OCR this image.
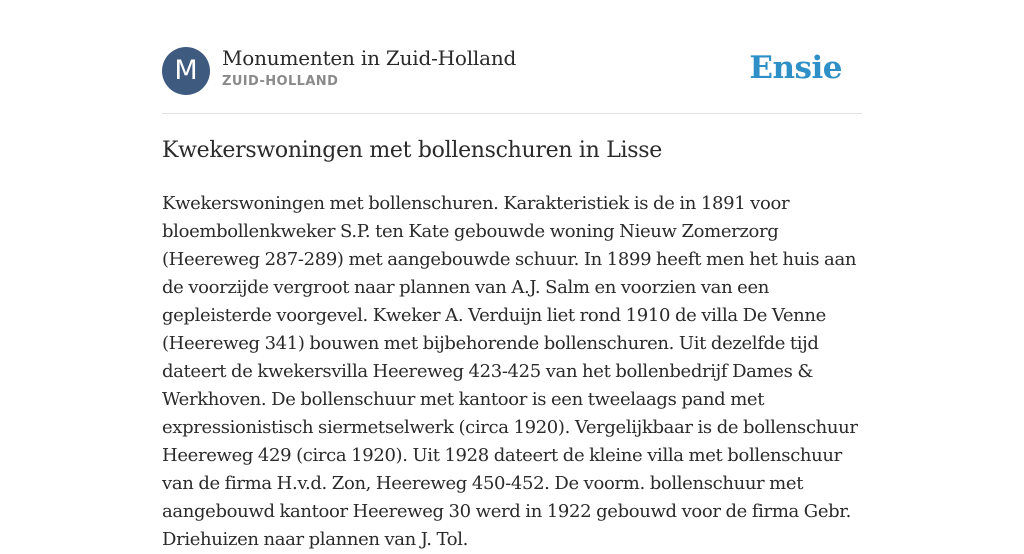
M	Monumenten in Zuid-Holland
ZUID-HOLLAND	Ensie
Kwekerswoningen met bollenschuren in Lisse

Kwekerswoningen met bollenschuren. Karakteristiek is de in 1891 voor bloembollenkweker S.P. ten Kate gebouwde woning Nieuw Zomerzorg (Heereweg 287-289) met aangebouwde schuur. In 1899 heeft men het huis aan de voorzijde vergroot naar plannen van A.J. Salm en voorzien van een gepleisterde voorgevel. Kweker A. Verduijn liet rond 1910 de villa De Venne (Heereweg 341) bouwen met bijbehorende bollenschuren. Uit dezelfde tijd dateert de kwekersvilla Heereweg 423-425 van het bollenbedrijf Dames & Werkhoven. De bollenschuur met kantoor is een tweelaags pand met expressionistisch siermetselwerk (circa 1920). Vergelijkbaar is de bollenschuur Heereweg 429 (circa 1920). Uit 1928 dateert de kleine villa met bollenschuur van de firma H.v.d. Zon, Heereweg 450-452. De voorm. bollenschuur met aangebouwd kantoor Heereweg 30 werd in 1922 gebouwd voor de firma Gebr. Driehuizen naar plannen van J. Tol.
